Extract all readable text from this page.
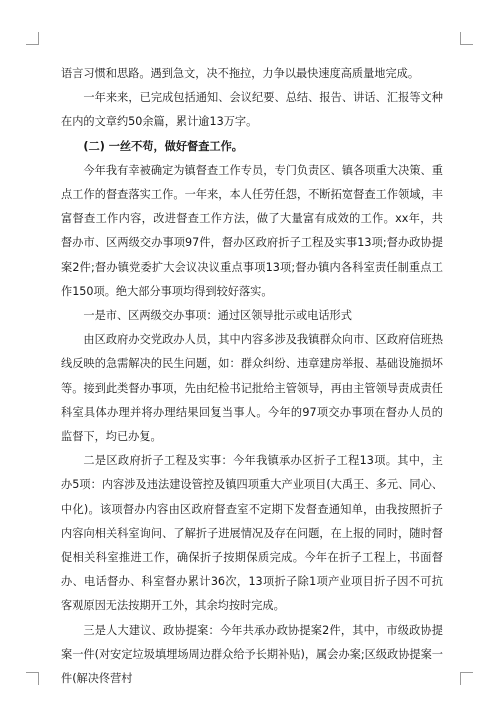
语言习惯和思路。遇到急文，决不拖拉，力争以最快速度高质量地完成。

一年来来，已完成包括通知、会议纪要、总结、报告、讲话、汇报等文种在内的文章约50余篇，累计逾13万字。

(二) 一丝不苟，做好督查工作。

今年我有幸被确定为镇督查工作专员，专门负责区、镇各项重大决策、重点工作的督查落实工作。一年来，本人任劳任怨，不断拓宽督查工作领域，丰富督查工作内容，改进督查工作方法，做了大量富有成效的工作。xx年，共督办市、区两级交办事项97件，督办区政府折子工程及实事13项;督办政协提案2件;督办镇党委扩大会议决议重点事项13项;督办镇内各科室责任制重点工作150项。绝大部分事项均得到较好落实。

一是市、区两级交办事项：通过区领导批示或电话形式

由区政府办交党政办人员，其中内容多涉及我镇群众向市、区政府信班热线反映的急需解决的民生问题，如：群众纠纷、违章建房举报、基础设施损坏等。接到此类督办事项，先由纪检书记批给主管领导，再由主管领导责成责任科室具体办理并将办理结果回复当事人。今年的97项交办事项在督办人员的监督下，均已办复。

二是区政府折子工程及实事：今年我镇承办区折子工程13项。其中，主办5项：内容涉及违法建设管控及镇四项重大产业项目(大禹王、多元、同心、中化)。该项督办内容由区政府督查室不定期下发督查通知单，由我按照折子内容向相关科室询问、了解折子进展情况及存在问题，在上报的同时，随时督促相关科室推进工作，确保折子按期保质完成。今年在折子工程上，书面督办、电话督办、科室督办累计36次，13项折子除1项产业项目折子因不可抗客观原因无法按期开工外，其余均按时完成。

三是人大建议、政协提案：今年共承办政协提案2件，其中，市级政协提案一件(对安定垃圾填埋场周边群众给予长期补贴)，属会办案;区级政协提案一件(解决佟营村
